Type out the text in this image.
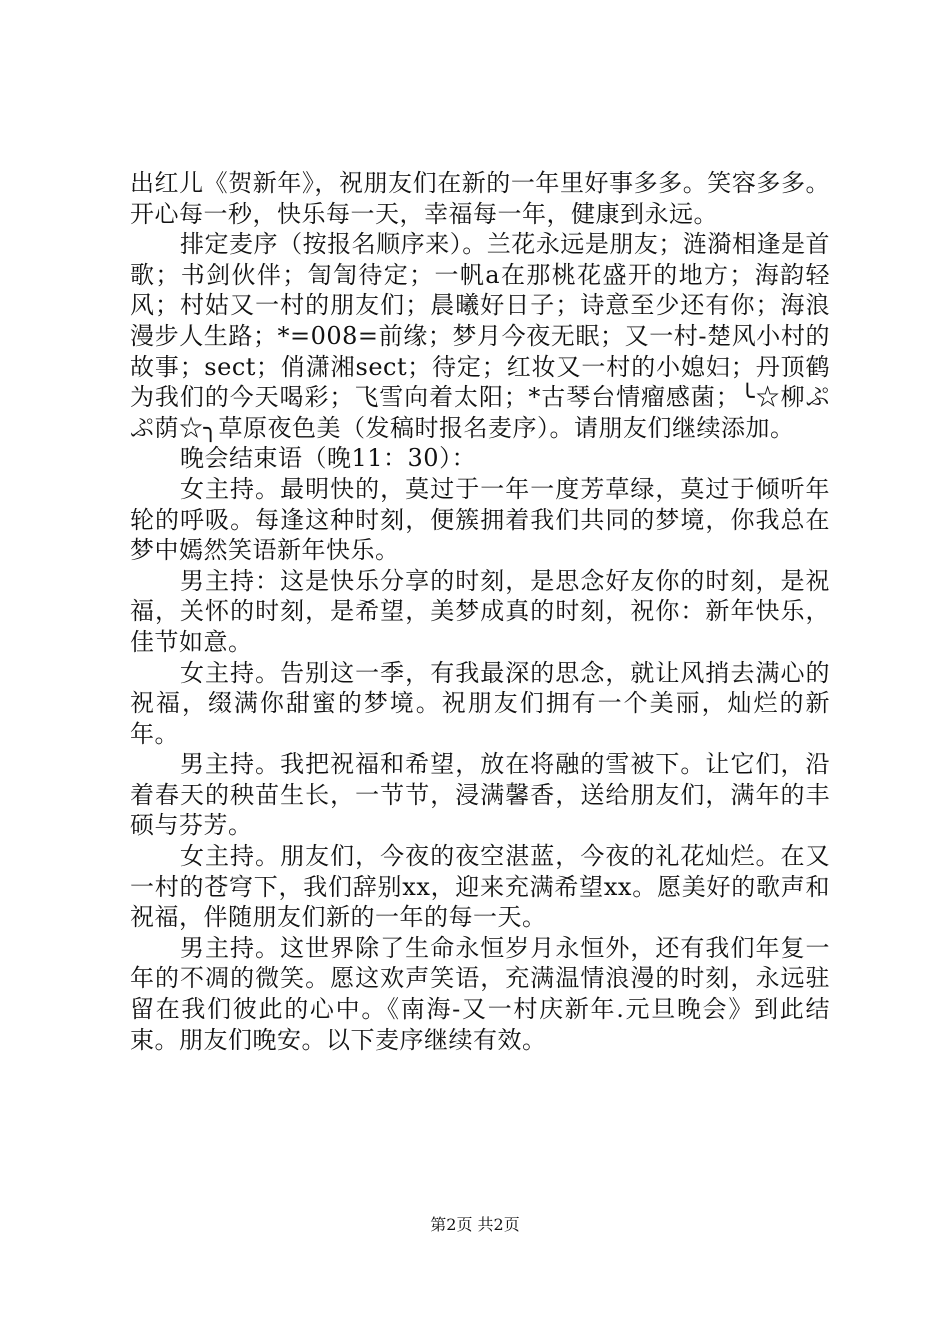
出红儿《贺新年》，祝朋友们在新的一年里好事多多。笑容多多。开心每一秒，快乐每一天，幸福每一年，健康到永远。

排定麦序（按报名顺序来）。兰花永远是朋友；涟漪相逢是首歌；书剑伙伴；訇訇待定；一帆a在那桃花盛开的地方；海韵轻风；村姑又一村的朋友们；晨曦好日子；诗意至少还有你；海浪漫步人生路；*=008=前缘；梦月今夜无眠；又一村-楚风小村的故事；sect；俏潇湘sect；待定；红妆又一村的小媳妇；丹顶鹤为我们的今天喝彩；飞雪向着太阳；*古琴台情瘤感菌；╰☆柳ぷぷ荫☆╮草原夜色美（发稿时报名麦序）。请朋友们继续添加。

晚会结束语（晚11：30）：

女主持。最明快的，莫过于一年一度芳草绿，莫过于倾听年轮的呼吸。每逢这种时刻，便簇拥着我们共同的梦境，你我总在梦中嫣然笑语新年快乐。

男主持：这是快乐分享的时刻，是思念好友你的时刻，是祝福，关怀的时刻，是希望，美梦成真的时刻，祝你：新年快乐，佳节如意。

女主持。告别这一季，有我最深的思念，就让风捎去满心的祝福，缀满你甜蜜的梦境。祝朋友们拥有一个美丽，灿烂的新年。

男主持。我把祝福和希望，放在将融的雪被下。让它们，沿着春天的秧苗生长，一节节，浸满馨香，送给朋友们，满年的丰硕与芬芳。

女主持。朋友们，今夜的夜空湛蓝，今夜的礼花灿烂。在又一村的苍穹下，我们辞别xx，迎来充满希望xx。愿美好的歌声和祝福，伴随朋友们新的一年的每一天。

男主持。这世界除了生命永恒岁月永恒外，还有我们年复一年的不凋的微笑。愿这欢声笑语，充满温情浪漫的时刻，永远驻留在我们彼此的心中。《南海-又一村庆新年.元旦晚会》到此结束。朋友们晚安。以下麦序继续有效。

第2页 共2页
